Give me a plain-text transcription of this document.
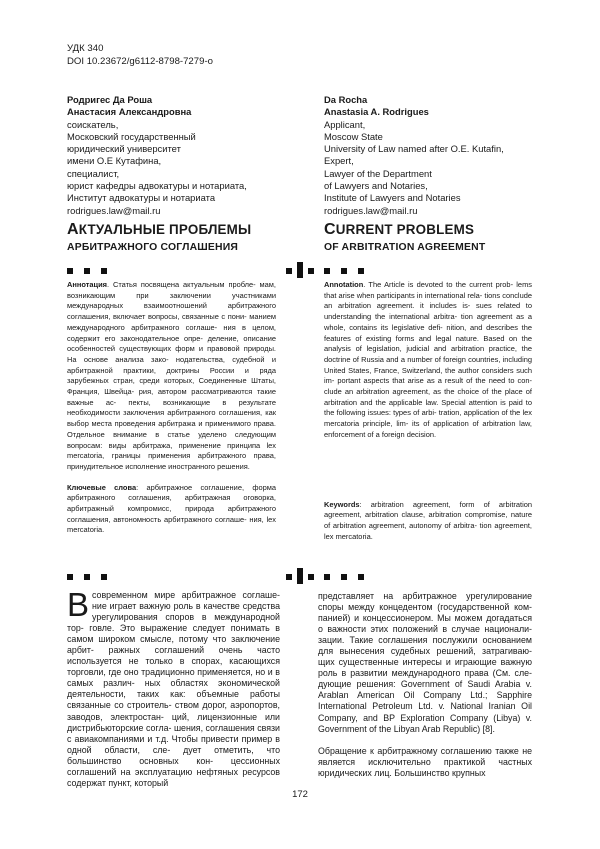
УДК 340
DOI 10.23672/g6112-8798-7279-o
Родригес Да Роша
Анастасия Александровна
соискатель,
Московский государственный
юридический университет
имени О.Е Кутафина,
специалист,
юрист кафедры адвокатуры и нотариата,
Институт адвокатуры и нотариата
rodrigues.law@mail.ru
Da Rocha
Anastasia A. Rodrigues
Applicant,
Moscow State
University of Law named after O.E. Kutafin,
Expert,
Lawyer of the Department
of Lawyers and Notaries,
Institute of Lawyers and Notaries
rodrigues.law@mail.ru
АКТУАЛЬНЫЕ ПРОБЛЕМЫ
АРБИТРАЖНОГО СОГЛАШЕНИЯ
CURRENT PROBLEMS
OF ARBITRATION AGREEMENT

Аннотация. Статья посвящена актуальным пробле- мам, возникающим при заключении участниками международных взаимоотношений арбитражного соглашения, включает вопросы, связанные с пони- манием международного арбитражного соглаше- ния в целом, содержит его законодательное опре- деление, описание особенностей существующих форм и правовой природы. На основе анализа зако- нодательства, судебной и арбитражной практики, доктрины России и ряда зарубежных стран, среди которых, Соединенные Штаты, Франция, Швейца- рия, автором рассматриваются такие важные ас- пекты, возникающие в результате необходимости заключения арбитражного соглашения, как выбор места проведения арбитража и применимого права. Отдельное внимание в статье уделено следующим вопросам: виды арбитража, применение принципа lex mercatoria, границы применения арбитражного права, принудительное исполнение иностранного решения.

Ключевые слова: арбитражное соглашение, форма арбитражного соглашения, арбитражная оговорка, арбитражный компромисс, природа арбитражного соглашения, автономность арбитражного соглаше- ния, lex mercatoria.

Annotation. The Article is devoted to the current prob- lems that arise when participants in international rela- tions conclude an arbitration agreement. it includes is- sues related to understanding the international arbitra- tion agreement as a whole, contains its legislative defi- nition, and describes the features of existing forms and legal nature. Based on the analysis of legislation, judicial and arbitration practice, the doctrine of Russia and a number of foreign countries, including United States, France, Switzerland, the author considers such im- portant aspects that arise as a result of the need to con- clude an arbitration agreement, as the choice of the place of arbitration and the applicable law. Special attention is paid to the following issues: types of arbi- tration, application of the lex mercatoria principle, lim- its of application of arbitration law, enforcement of a foreign decision.

Keywords: arbitration agreement, form of arbitration agreement, arbitration clause, arbitration compromise, nature of arbitration agreement, autonomy of arbitra- tion agreement, lex mercatoria.

Всовременном мире арбитражное соглаше- ние играет важную роль в качестве средства урегулирования споров в международной тор- говле. Это выражение следует понимать в самом широком смысле, потому что заключение арбит- ражных соглашений очень часто используется не только в спорах, касающихся торговли, где оно традиционно применяется, но и в самых различ- ных областях экономической деятельности, таких как: объемные работы связанные со строитель- ством дорог, аэропортов, заводов, электростан- ций, лицензионные или дистрибьюторские согла- шения, соглашения связи с авиакомпаниями и т.д. Чтобы привести пример в одной области, сле- дует отметить, что большинство основных кон- цессионных соглашений на эксплуатацию нефтяных ресурсов содержат пункт, который

представляет на арбитражное урегулирование споры между концедентом (государственной ком- панией) и концессионером. Мы можем догадаться о важности этих положений в случае национали- зации. Такие соглашения послужили основанием для вынесения судебных решений, затрагиваю- щих существенные интересы и играющие важную роль в развитии международного права (См. сле- дующие решения: Government of Saudi Arabia v. Arablan American Oil Company Ltd.; Sapphire International Petroleum Ltd. v. National Iranian Oil Company, and BP Exploration Company (Libya) v. Government of the Libyan Arab Republic) [8].

Обращение к арбитражному соглашению также не является исключительно практикой частных юридических лиц. Большинство крупных

172
